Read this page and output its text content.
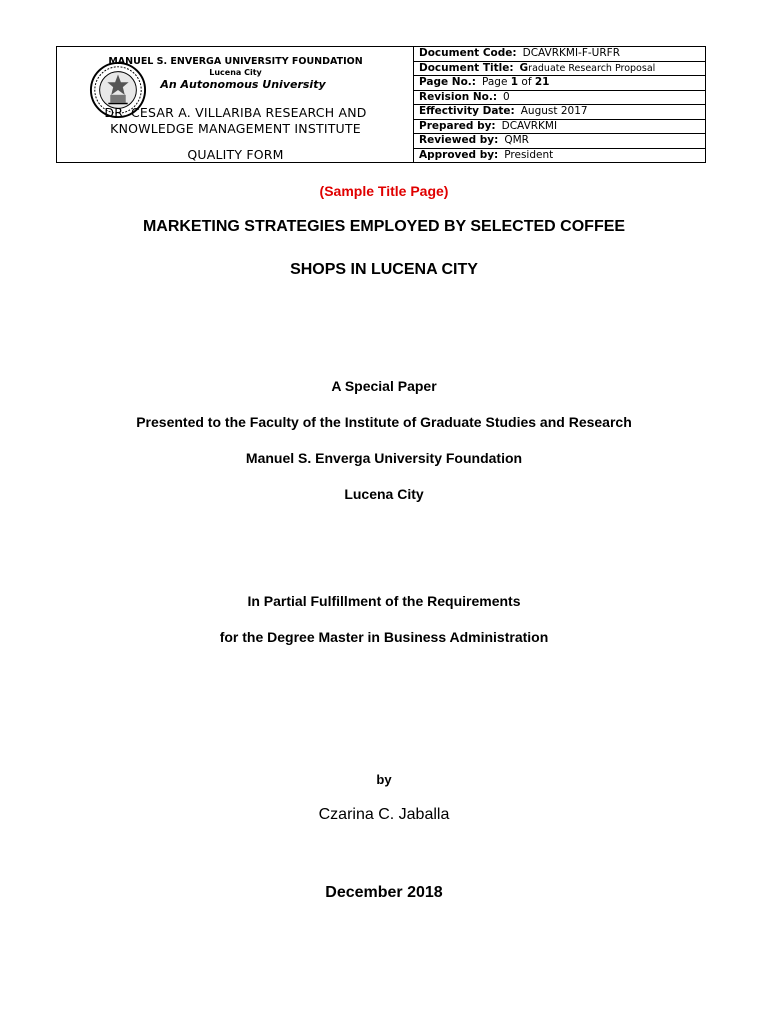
MANUEL S. ENVERGA UNIVERSITY FOUNDATION
Lucena City
An Autonomous University
DR. CESAR A. VILLARIBA RESEARCH AND
KNOWLEDGE MANAGEMENT INSTITUTE
QUALITY FORM
Document Code: DCAVRKMI-F-URFR
Document Title: G raduate Research Proposal
Page No.: Page 1 of 21
Revision No.: 0
Effectivity Date: August 2017
Prepared by: DCAVRKMI
Reviewed by: QMR
Approved by: President
(Sample Title Page)
MARKETING STRATEGIES EMPLOYED BY SELECTED COFFEE
SHOPS IN LUCENA CITY
A Special Paper
Presented to the Faculty of the Institute of Graduate Studies and Research
Manuel S. Enverga University Foundation
Lucena City
In Partial Fulfillment of the Requirements
for the Degree Master in Business Administration
by
Czarina C. Jaballa
December 2018
